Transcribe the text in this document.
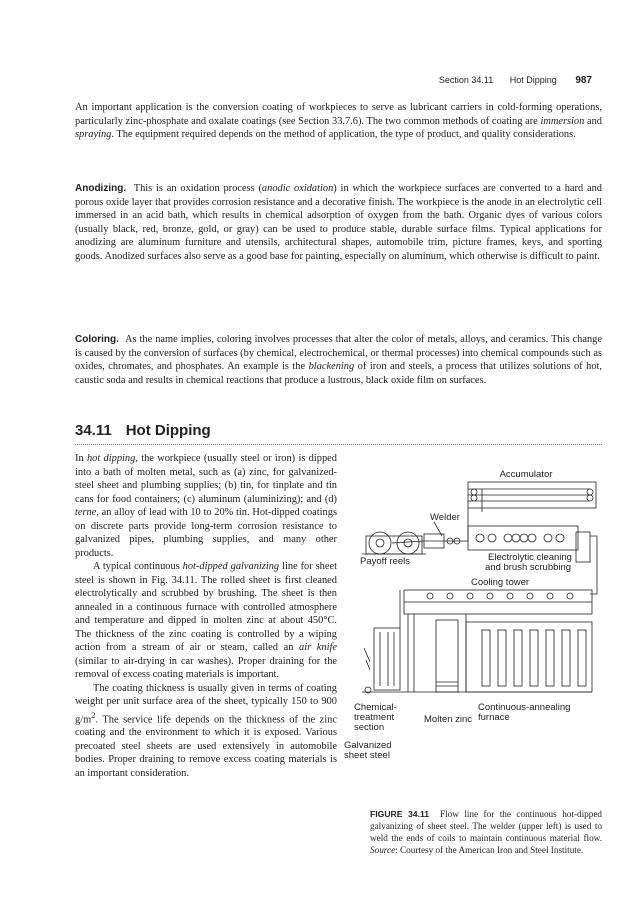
Section 34.11 Hot Dipping 987

An important application is the conversion coating of workpieces to serve as lubricant carriers in cold-forming operations, particularly zinc-phosphate and oxalate coatings (see Section 33.7.6). The two common methods of coating are immersion and spraying. The equipment required depends on the method of application, the type of product, and quality considerations.

Anodizing. This is an oxidation process (anodic oxidation) in which the workpiece surfaces are converted to a hard and porous oxide layer that provides corrosion resistance and a decorative finish. The workpiece is the anode in an electrolytic cell immersed in an acid bath, which results in chemical adsorption of oxygen from the bath. Organic dyes of various colors (usually black, red, bronze, gold, or gray) can be used to produce stable, durable surface films. Typical applications for anodizing are aluminum furniture and utensils, architectural shapes, automobile trim, picture frames, keys, and sporting goods. Anodized surfaces also serve as a good base for painting, especially on aluminum, which otherwise is difficult to paint.

Coloring. As the name implies, coloring involves processes that alter the color of metals, alloys, and ceramics. This change is caused by the conversion of surfaces (by chemical, electrochemical, or thermal processes) into chemical compounds such as oxides, chromates, and phosphates. An example is the blackening of iron and steels, a process that utilizes solutions of hot, caustic soda and results in chemical reactions that produce a lustrous, black oxide film on surfaces.

34.11 Hot Dipping

In hot dipping, the workpiece (usually steel or iron) is dipped into a bath of molten metal, such as (a) zinc, for galvanized-steel sheet and plumbing supplies; (b) tin, for tinplate and tin cans for food containers; (c) aluminum (aluminizing); and (d) terne, an alloy of lead with 10 to 20% tin. Hot-dipped coatings on discrete parts provide long-term corrosion resistance to galvanized pipes, plumbing supplies, and many other products.

A typical continuous hot-dipped galvanizing line for sheet steel is shown in Fig. 34.11. The rolled sheet is first cleaned electrolytically and scrubbed by brushing. The sheet is then annealed in a continuous furnace with controlled atmosphere and temperature and dipped in molten zinc at about 450°C. The thickness of the zinc coating is controlled by a wiping action from a stream of air or steam, called an air knife (similar to air-drying in car washes). Proper draining for the removal of excess coating materials is important.

The coating thickness is usually given in terms of coating weight per unit surface area of the sheet, typically 150 to 900 $g/m^2$. The service life depends on the thickness of the zinc coating and the environment to which it is exposed. Various precoated steel sheets are used extensively in automobile bodies. Proper draining to remove excess coating materials is an important consideration.

Accumulator
Welder
Payoff reels	Electrolytic cleaning
and brush scrubbing
Cooling tower
Chemical-
treatment
section
Molten zinc
Continuous-annealing
furnace
Galvanized
sheet steel

FIGURE 34.11 Flow line for the continuous hot-dipped galvanizing of sheet steel. The welder (upper left) is used to weld the ends of coils to maintain continuous material flow. Source: Courtesy of the American Iron and Steel Institute.
